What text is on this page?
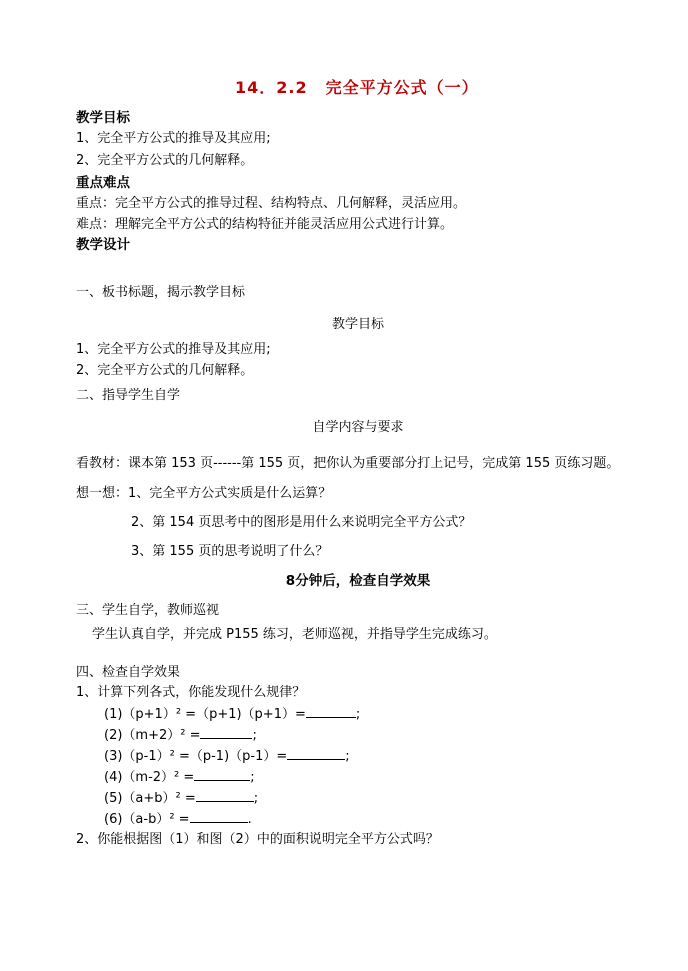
14．2.2 完全平方公式（一）
教学目标
1、完全平方公式的推导及其应用;
2、完全平方公式的几何解释。
重点难点
重点：完全平方公式的推导过程、结构特点、几何解释，灵活应用。
难点：理解完全平方公式的结构特征并能灵活应用公式进行计算。
教学设计
一、板书标题，揭示教学目标
教学目标
1、完全平方公式的推导及其应用;
2、完全平方公式的几何解释。
二、指导学生自学
自学内容与要求
看教材：课本第 153 页------第 155 页，把你认为重要部分打上记号，完成第 155 页练习题。
想一想：1、完全平方公式实质是什么运算？
2、第 154 页思考中的图形是用什么来说明完全平方公式？
3、第 155 页的思考说明了什么？
8分钟后，检查自学效果
三、学生自学，教师巡视
学生认真自学，并完成 P155 练习，老师巡视，并指导学生完成练习。
四、检查自学效果
1、计算下列各式，你能发现什么规律？
(1)（p+1）² =（p+1)（p+1）=	;
(2)（m+2）² =	;
(3)（p-1）² =（p-1)（p-1）=	;
(4)（m-2）² =	;
(5)（a+b）² =	;
(6)（a-b）² =	.
2、你能根据图（1）和图（2）中的面积说明完全平方公式吗？
